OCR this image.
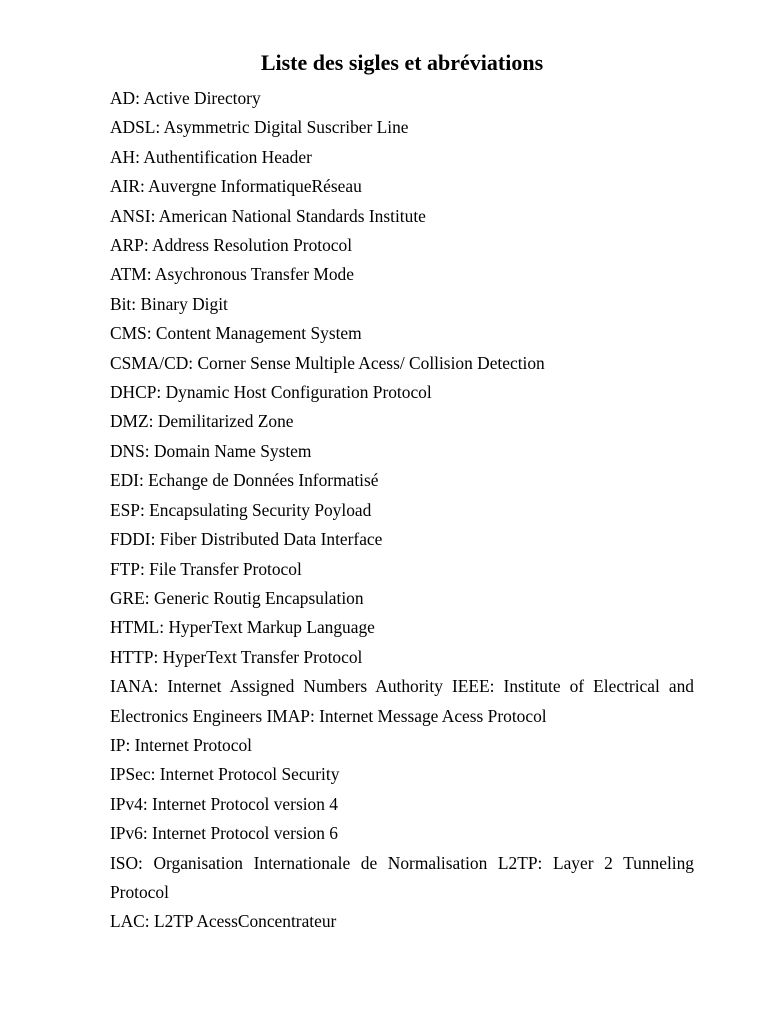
Liste des sigles et abréviations
AD: Active Directory
ADSL: Asymmetric Digital Suscriber Line
AH: Authentification Header
AIR: Auvergne InformatiqueRéseau
ANSI: American National Standards Institute
ARP: Address Resolution Protocol
ATM: Asychronous Transfer Mode
Bit: Binary Digit
CMS: Content Management System
CSMA/CD: Corner Sense Multiple Acess/ Collision Detection
DHCP: Dynamic Host Configuration Protocol
DMZ: Demilitarized Zone
DNS: Domain Name System
EDI: Echange de Données Informatisé
ESP: Encapsulating Security Poyload
FDDI: Fiber Distributed Data Interface
FTP: File Transfer Protocol
GRE: Generic Routig Encapsulation
HTML: HyperText Markup Language
HTTP: HyperText Transfer Protocol
IANA: Internet Assigned Numbers Authority IEEE: Institute of Electrical and Electronics Engineers IMAP: Internet Message Acess Protocol
IP: Internet Protocol
IPSec: Internet Protocol Security
IPv4: Internet Protocol version 4
IPv6: Internet Protocol version 6
ISO: Organisation Internationale de Normalisation L2TP: Layer 2 Tunneling Protocol
LAC: L2TP AcessConcentrateur
